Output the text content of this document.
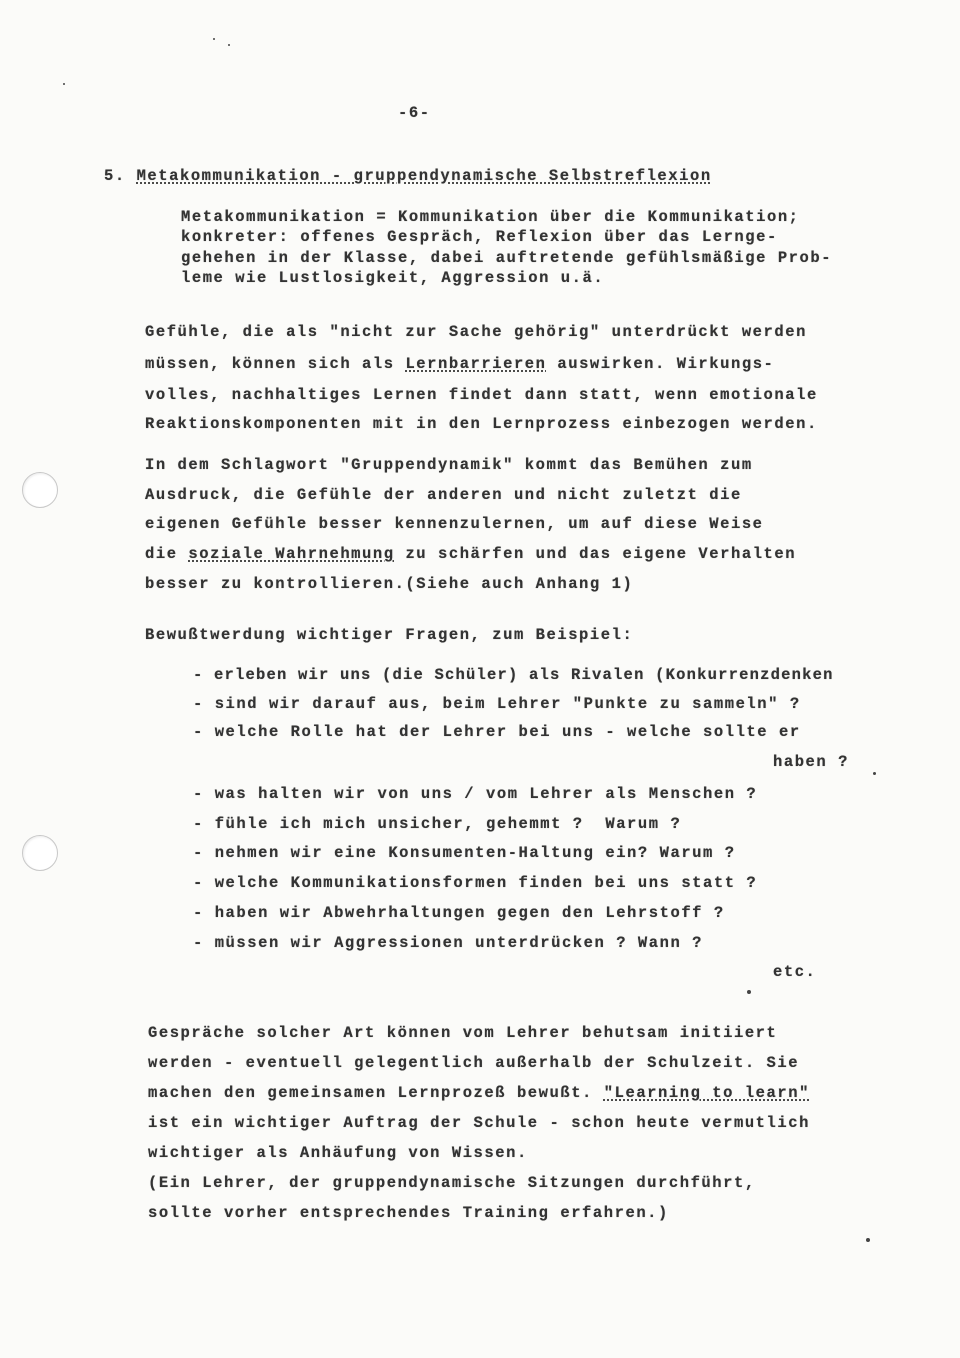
-6-
5. Metakommunikation - gruppendynamische Selbstreflexion
Metakommunikation = Kommunikation über die Kommunikation;
konkreter: offenes Gespräch, Reflexion über das Lernge-
gehehen in der Klasse, dabei auftretende gefühlsmäßige Prob-
leme wie Lustlosigkeit, Aggression u.ä.
Gefühle, die als "nicht zur Sache gehörig" unterdrückt werden
müssen, können sich als Lernbarrieren auswirken. Wirkungs-
volles, nachhaltiges Lernen findet dann statt, wenn emotionale
Reaktionskomponenten mit in den Lernprozess einbezogen werden.
In dem Schlagwort "Gruppendynamik" kommt das Bemühen zum
Ausdruck, die Gefühle der anderen und nicht zuletzt die
eigenen Gefühle besser kennenzulernen, um auf diese Weise
die soziale Wahrnehmung zu schärfen und das eigene Verhalten
besser zu kontrollieren.(Siehe auch Anhang 1)
Bewußtwerdung wichtiger Fragen, zum Beispiel:
- erleben wir uns (die Schüler) als Rivalen (Konkurrenzdenken
- sind wir darauf aus, beim Lehrer "Punkte zu sammeln" ?
- welche Rolle hat der Lehrer bei uns - welche sollte er
haben ?
- was halten wir von uns / vom Lehrer als Menschen ?
- fühle ich mich unsicher, gehemmt ?  Warum ?
- nehmen wir eine Konsumenten-Haltung ein? Warum ?
- welche Kommunikationsformen finden bei uns statt ?
- haben wir Abwehrhaltungen gegen den Lehrstoff ?
- müssen wir Aggressionen unterdrücken ? Wann ?
etc.
Gespräche solcher Art können vom Lehrer behutsam initiiert
werden - eventuell gelegentlich außerhalb der Schulzeit. Sie
machen den gemeinsamen Lernprozeß bewußt. "Learning to learn"
ist ein wichtiger Auftrag der Schule - schon heute vermutlich
wichtiger als Anhäufung von Wissen.
(Ein Lehrer, der gruppendynamische Sitzungen durchführt,
sollte vorher entsprechendes Training erfahren.)
